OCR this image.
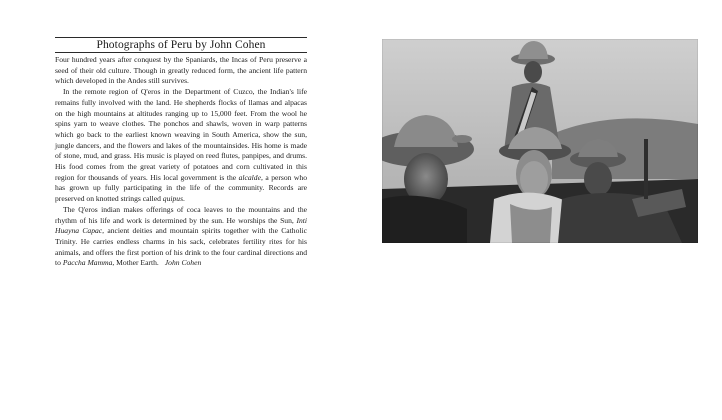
Photographs of Peru by John Cohen

Four hundred years after conquest by the Spaniards, the Incas of Peru preserve a seed of their old culture. Though in greatly reduced form, the ancient life pattern which developed in the Andes still survives.

In the remote region of Q'eros in the Department of Cuzco, the Indian's life remains fully involved with the land. He shepherds flocks of llamas and alpacas on the high mountains at altitudes ranging up to 15,000 feet. From the wool he spins yarn to weave clothes. The ponchos and shawls, woven in warp patterns which go back to the earliest known weaving in South America, show the sun, jungle dancers, and the flowers and lakes of the mountainsides. His home is made of stone, mud, and grass. His music is played on reed flutes, panpipes, and drums. His food comes from the great variety of potatoes and corn cultivated in this region for thousands of years. His local government is the alcalde, a person who has grown up fully participating in the life of the community. Records are preserved on knotted strings called quipus.

The Q'eros indian makes offerings of coca leaves to the mountains and the rhythm of his life and work is determined by the sun. He worships the Sun, Inti Huayna Capac, ancient deities and mountain spirits together with the Catholic Trinity. He carries endless charms in his sack, celebrates fertility rites for his animals, and offers the first portion of his drink to the four cardinal directions and to Paccha Mamma, Mother Earth. John Cohen
